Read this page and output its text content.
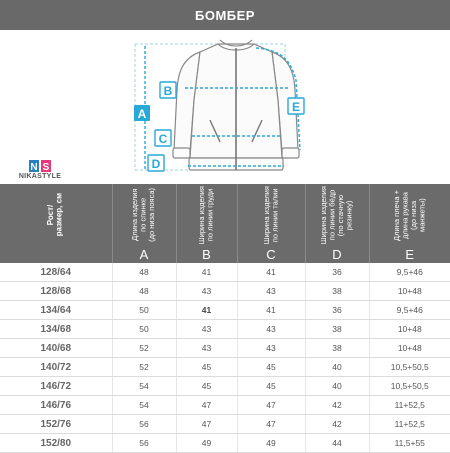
БОМБЕР
A
B
C
D
E
N S
NIKASTYLE
Рост/
размер, см	Длина изделия
по спинке
(до низа пояса)	Ширина изделия
по линии груди	Ширина изделия
по линии талии	Ширина изделия
по линии бёдр
(по стачную
резинку)	Длина плеча +
длина рукава
(до низа
манжеты)

	A	B	C	D	E
128/64	48	41	41	36	9,5+46
128/68	48	43	43	38	10+48
134/64	50	41	41	36	9,5+46
134/68	50	43	43	38	10+48
140/68	52	43	43	38	10+48
140/72	52	45	45	40	10,5+50,5
146/72	54	45	45	40	10,5+50,5
146/76	54	47	47	42	11+52,5
152/76	56	47	47	42	11+52,5
152/80	56	49	49	44	11,5+55
